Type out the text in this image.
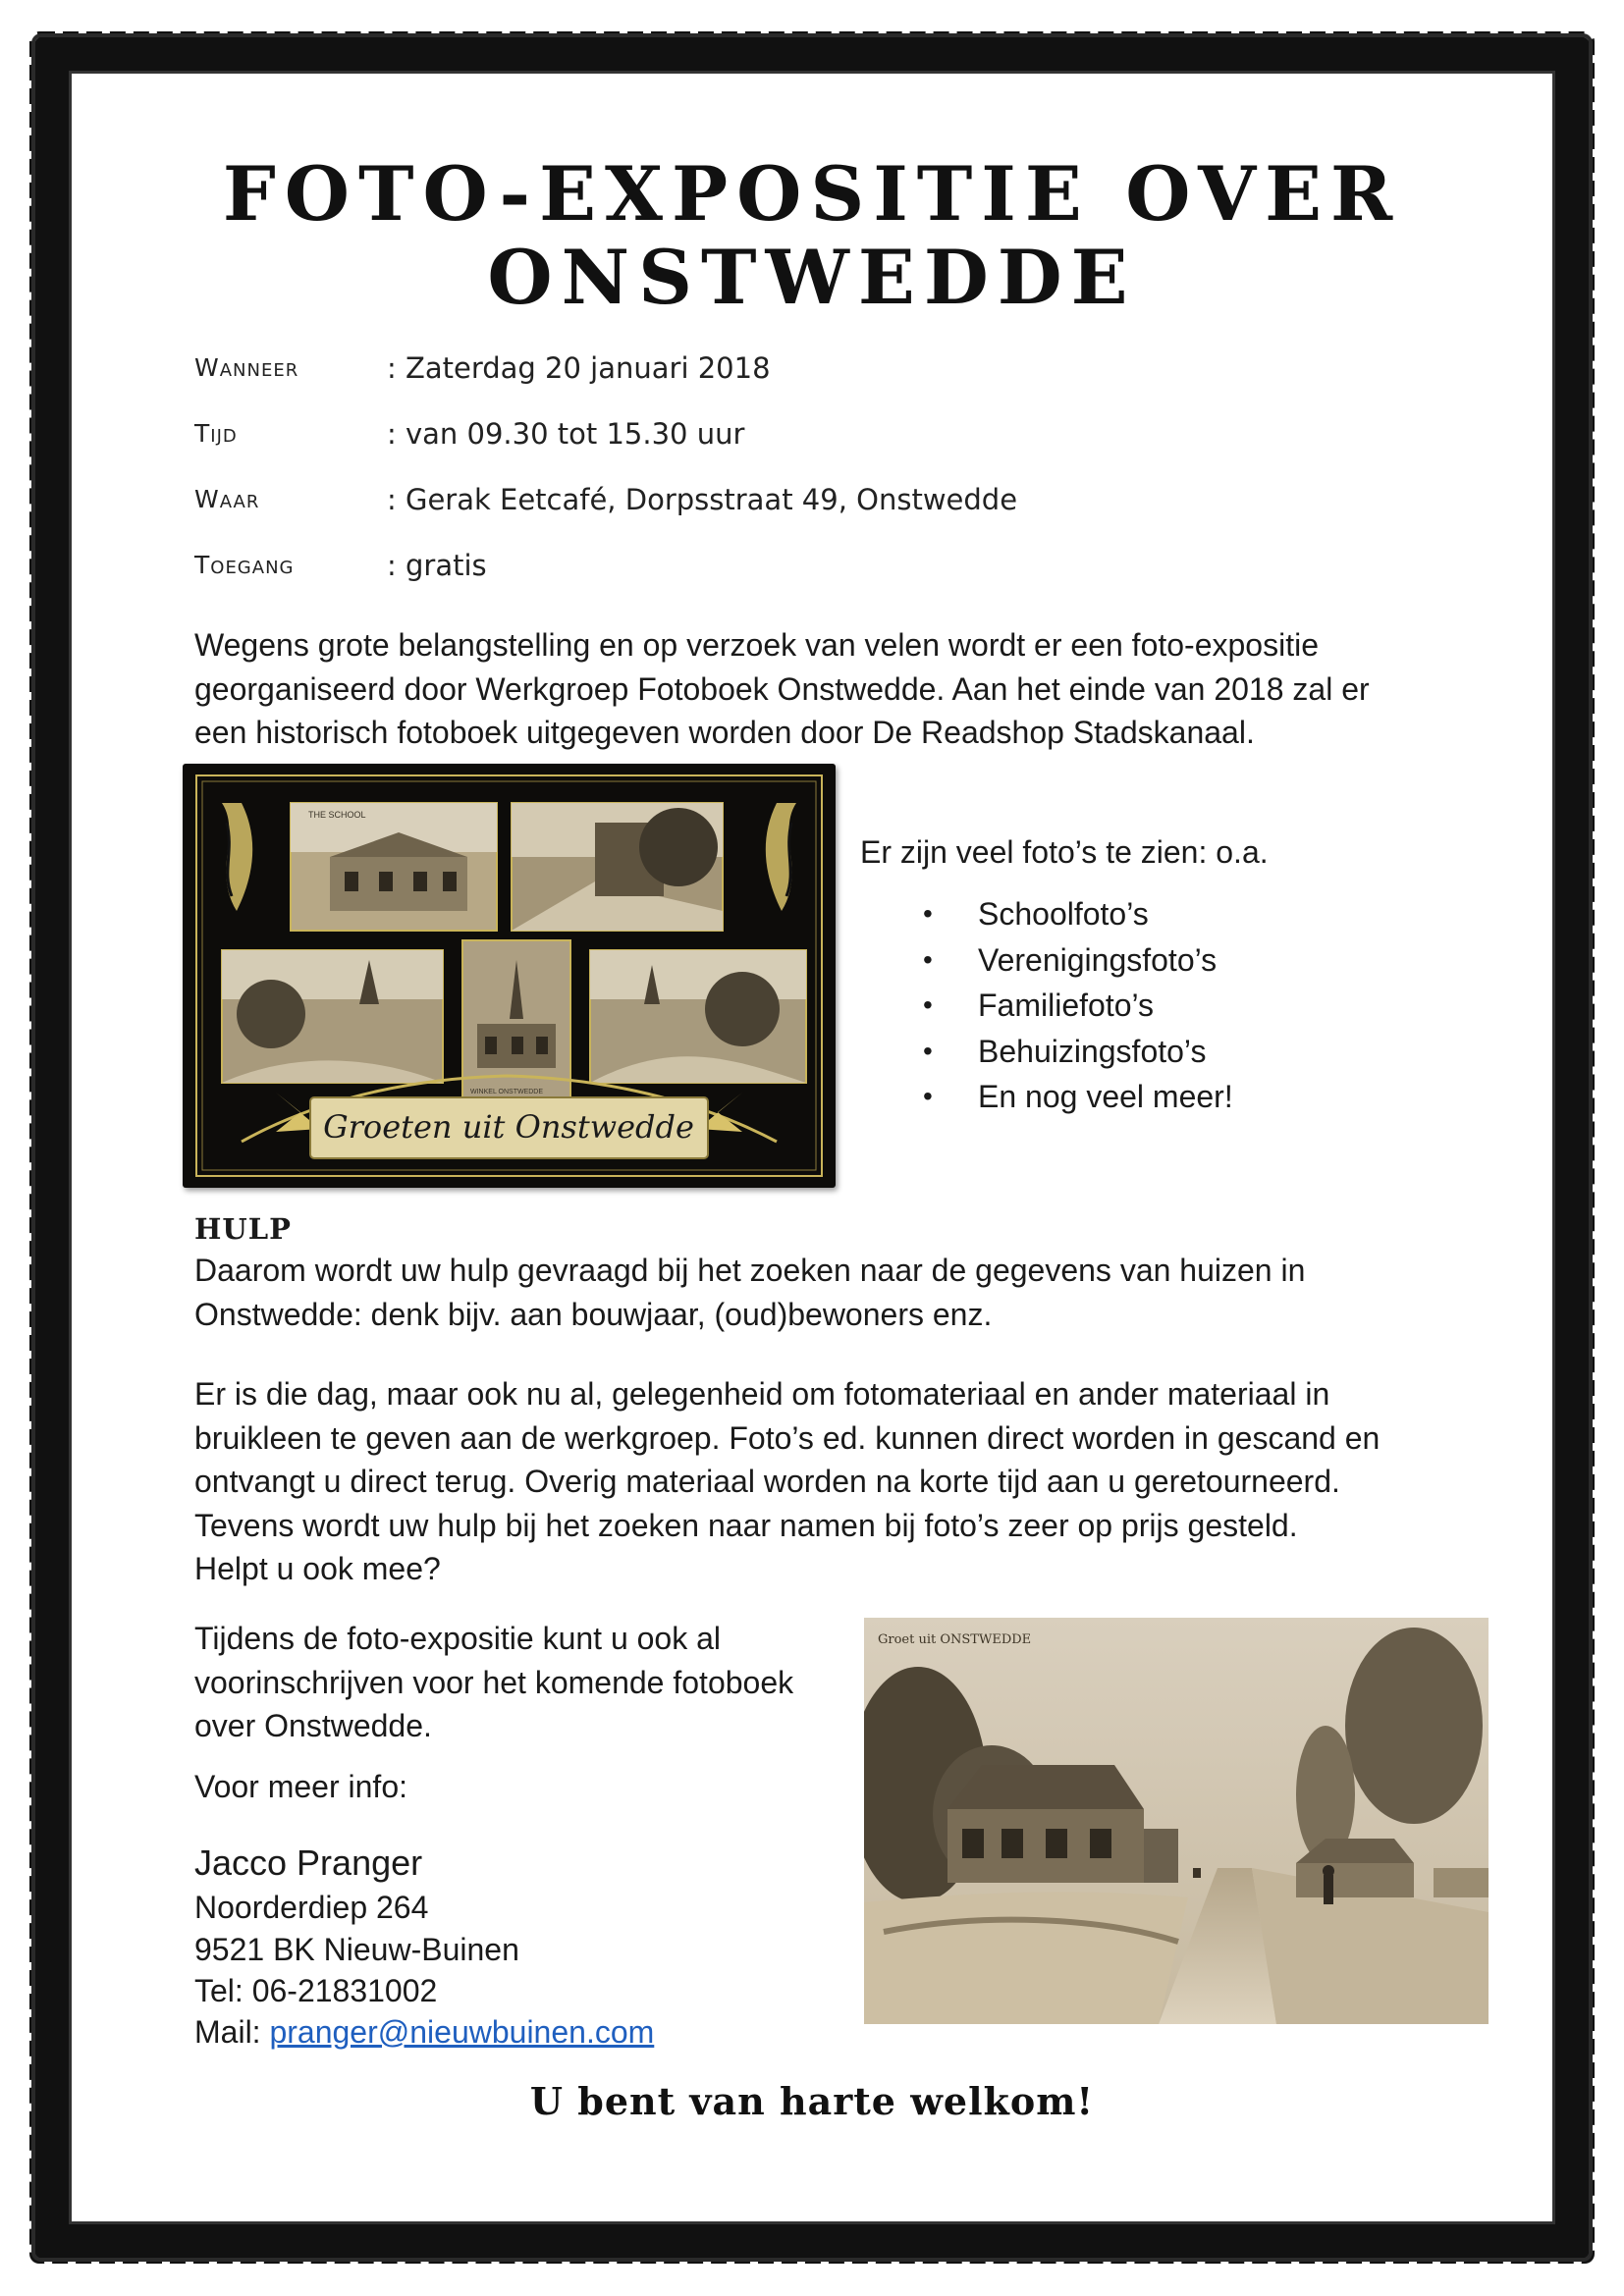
FOTO-EXPOSITIE OVER
ONSTWEDDE
Wanneer	: Zaterdag 20 januari 2018
Tijd	: van 09.30 tot 15.30 uur
Waar	: Gerak Eetcafé, Dorpsstraat 49, Onstwedde
Toegang	: gratis

Wegens grote belangstelling en op verzoek van velen wordt er een foto-expositie
georganiseerd door Werkgroep Fotoboek Onstwedde. Aan het einde van 2018 zal er
een historisch fotoboek uitgegeven worden door De Readshop Stadskanaal.

THE SCHOOL
WINKEL ONSTWEDDE
Groeten uit Onstwedde

Er zijn veel foto’s te zien: o.a.

• Schoolfoto’s
• Verenigingsfoto’s
• Familiefoto’s
• Behuizingsfoto’s
• En nog veel meer!
HULP

Daarom wordt uw hulp gevraagd bij het zoeken naar de gegevens van huizen in
Onstwedde: denk bijv. aan bouwjaar, (oud)bewoners enz.

Er is die dag, maar ook nu al, gelegenheid om fotomateriaal en ander materiaal in
bruikleen te geven aan de werkgroep. Foto’s ed. kunnen direct worden in gescand en
ontvangt u direct terug. Overig materiaal worden na korte tijd aan u geretourneerd.
Tevens wordt uw hulp bij het zoeken naar namen bij foto’s zeer op prijs gesteld.
Helpt u ook mee?

Tijdens de foto-expositie kunt u ook al
voorinschrijven voor het komende fotoboek
over Onstwedde.

Voor meer info:

Jacco Pranger

Noorderdiep 264

9521 BK Nieuw-Buinen

Tel: 06-21831002

Mail: pranger@nieuwbuinen.com

Groet uit ONSTWEDDE

U bent van harte welkom!
